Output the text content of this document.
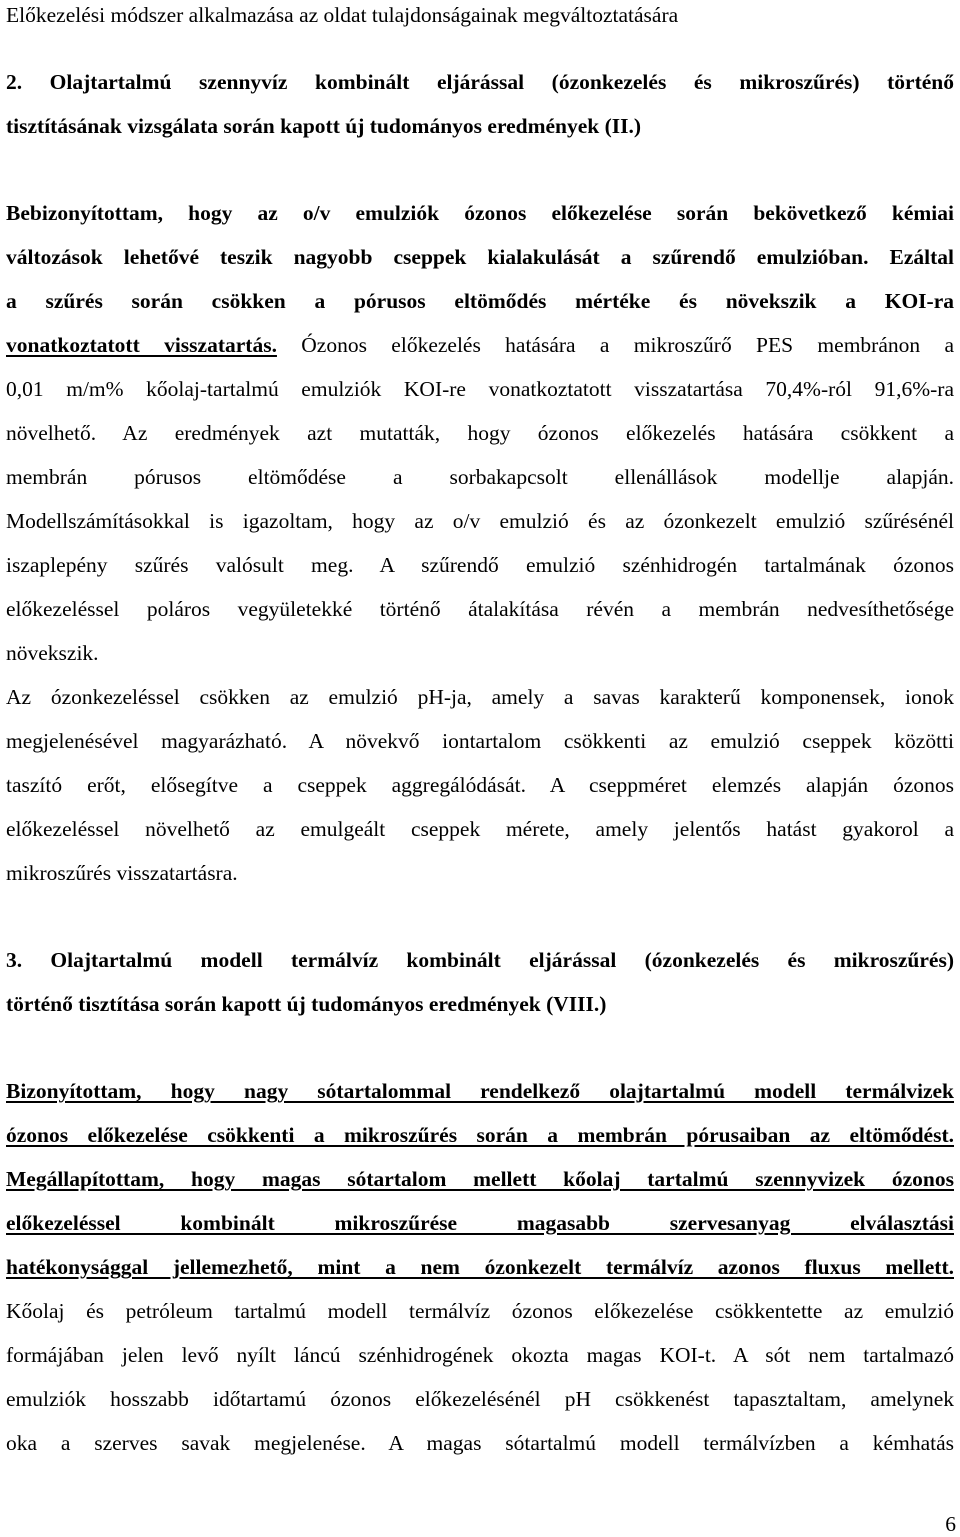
Előkezelési módszer alkalmazása az oldat tulajdonságainak megváltoztatására
2. Olajtartalmú szennyvíz kombinált eljárással (ózonkezelés és mikroszűrés) történő
tisztításának vizsgálata során kapott új tudományos eredmények (II.)
Bebizonyítottam, hogy az o/v emulziók ózonos előkezelése során bekövetkező kémiai
változások lehetővé teszik nagyobb cseppek kialakulását a szűrendő emulzióban. Ezáltal
a szűrés során csökken a pórusos eltömődés mértéke és növekszik a KOI-ra
vonatkoztatott visszatartás. Ózonos előkezelés hatására a mikroszűrő PES membránon a
0,01 m/m% kőolaj-tartalmú emulziók KOI-re vonatkoztatott visszatartása 70,4%-ról 91,6%-ra
növelhető. Az eredmények azt mutatták, hogy ózonos előkezelés hatására csökkent a
membrán pórusos eltömődése a sorbakapcsolt ellenállások modellje alapján.
Modellszámításokkal is igazoltam, hogy az o/v emulzió és az ózonkezelt emulzió szűrésénél
iszaplepény szűrés valósult meg. A szűrendő emulzió szénhidrogén tartalmának ózonos
előkezeléssel poláros vegyületekké történő átalakítása révén a membrán nedvesíthetősége
növekszik.
Az ózonkezeléssel csökken az emulzió pH-ja, amely a savas karakterű komponensek, ionok
megjelenésével magyarázható. A növekvő iontartalom csökkenti az emulzió cseppek közötti
taszító erőt, elősegítve a cseppek aggregálódását. A cseppméret elemzés alapján ózonos
előkezeléssel növelhető az emulgeált cseppek mérete, amely jelentős hatást gyakorol a
mikroszűrés visszatartásra.
3. Olajtartalmú modell termálvíz kombinált eljárással (ózonkezelés és mikroszűrés)
történő tisztítása során kapott új tudományos eredmények (VIII.)
Bizonyítottam, hogy nagy sótartalommal rendelkező olajtartalmú modell termálvizek
ózonos előkezelése csökkenti a mikroszűrés során a membrán pórusaiban az eltömődést.
Megállapítottam, hogy magas sótartalom mellett kőolaj tartalmú szennyvizek ózonos
előkezeléssel kombinált mikroszűrése magasabb szervesanyag elválasztási
hatékonysággal jellemezhető, mint a nem ózonkezelt termálvíz azonos fluxus mellett.
Kőolaj és petróleum tartalmú modell termálvíz ózonos előkezelése csökkentette az emulzió
formájában jelen levő nyílt láncú szénhidrogének okozta magas KOI-t. A sót nem tartalmazó
emulziók hosszabb időtartamú ózonos előkezelésénél pH csökkenést tapasztaltam, amelynek
oka a szerves savak megjelenése. A magas sótartalmú modell termálvízben a kémhatás
6
